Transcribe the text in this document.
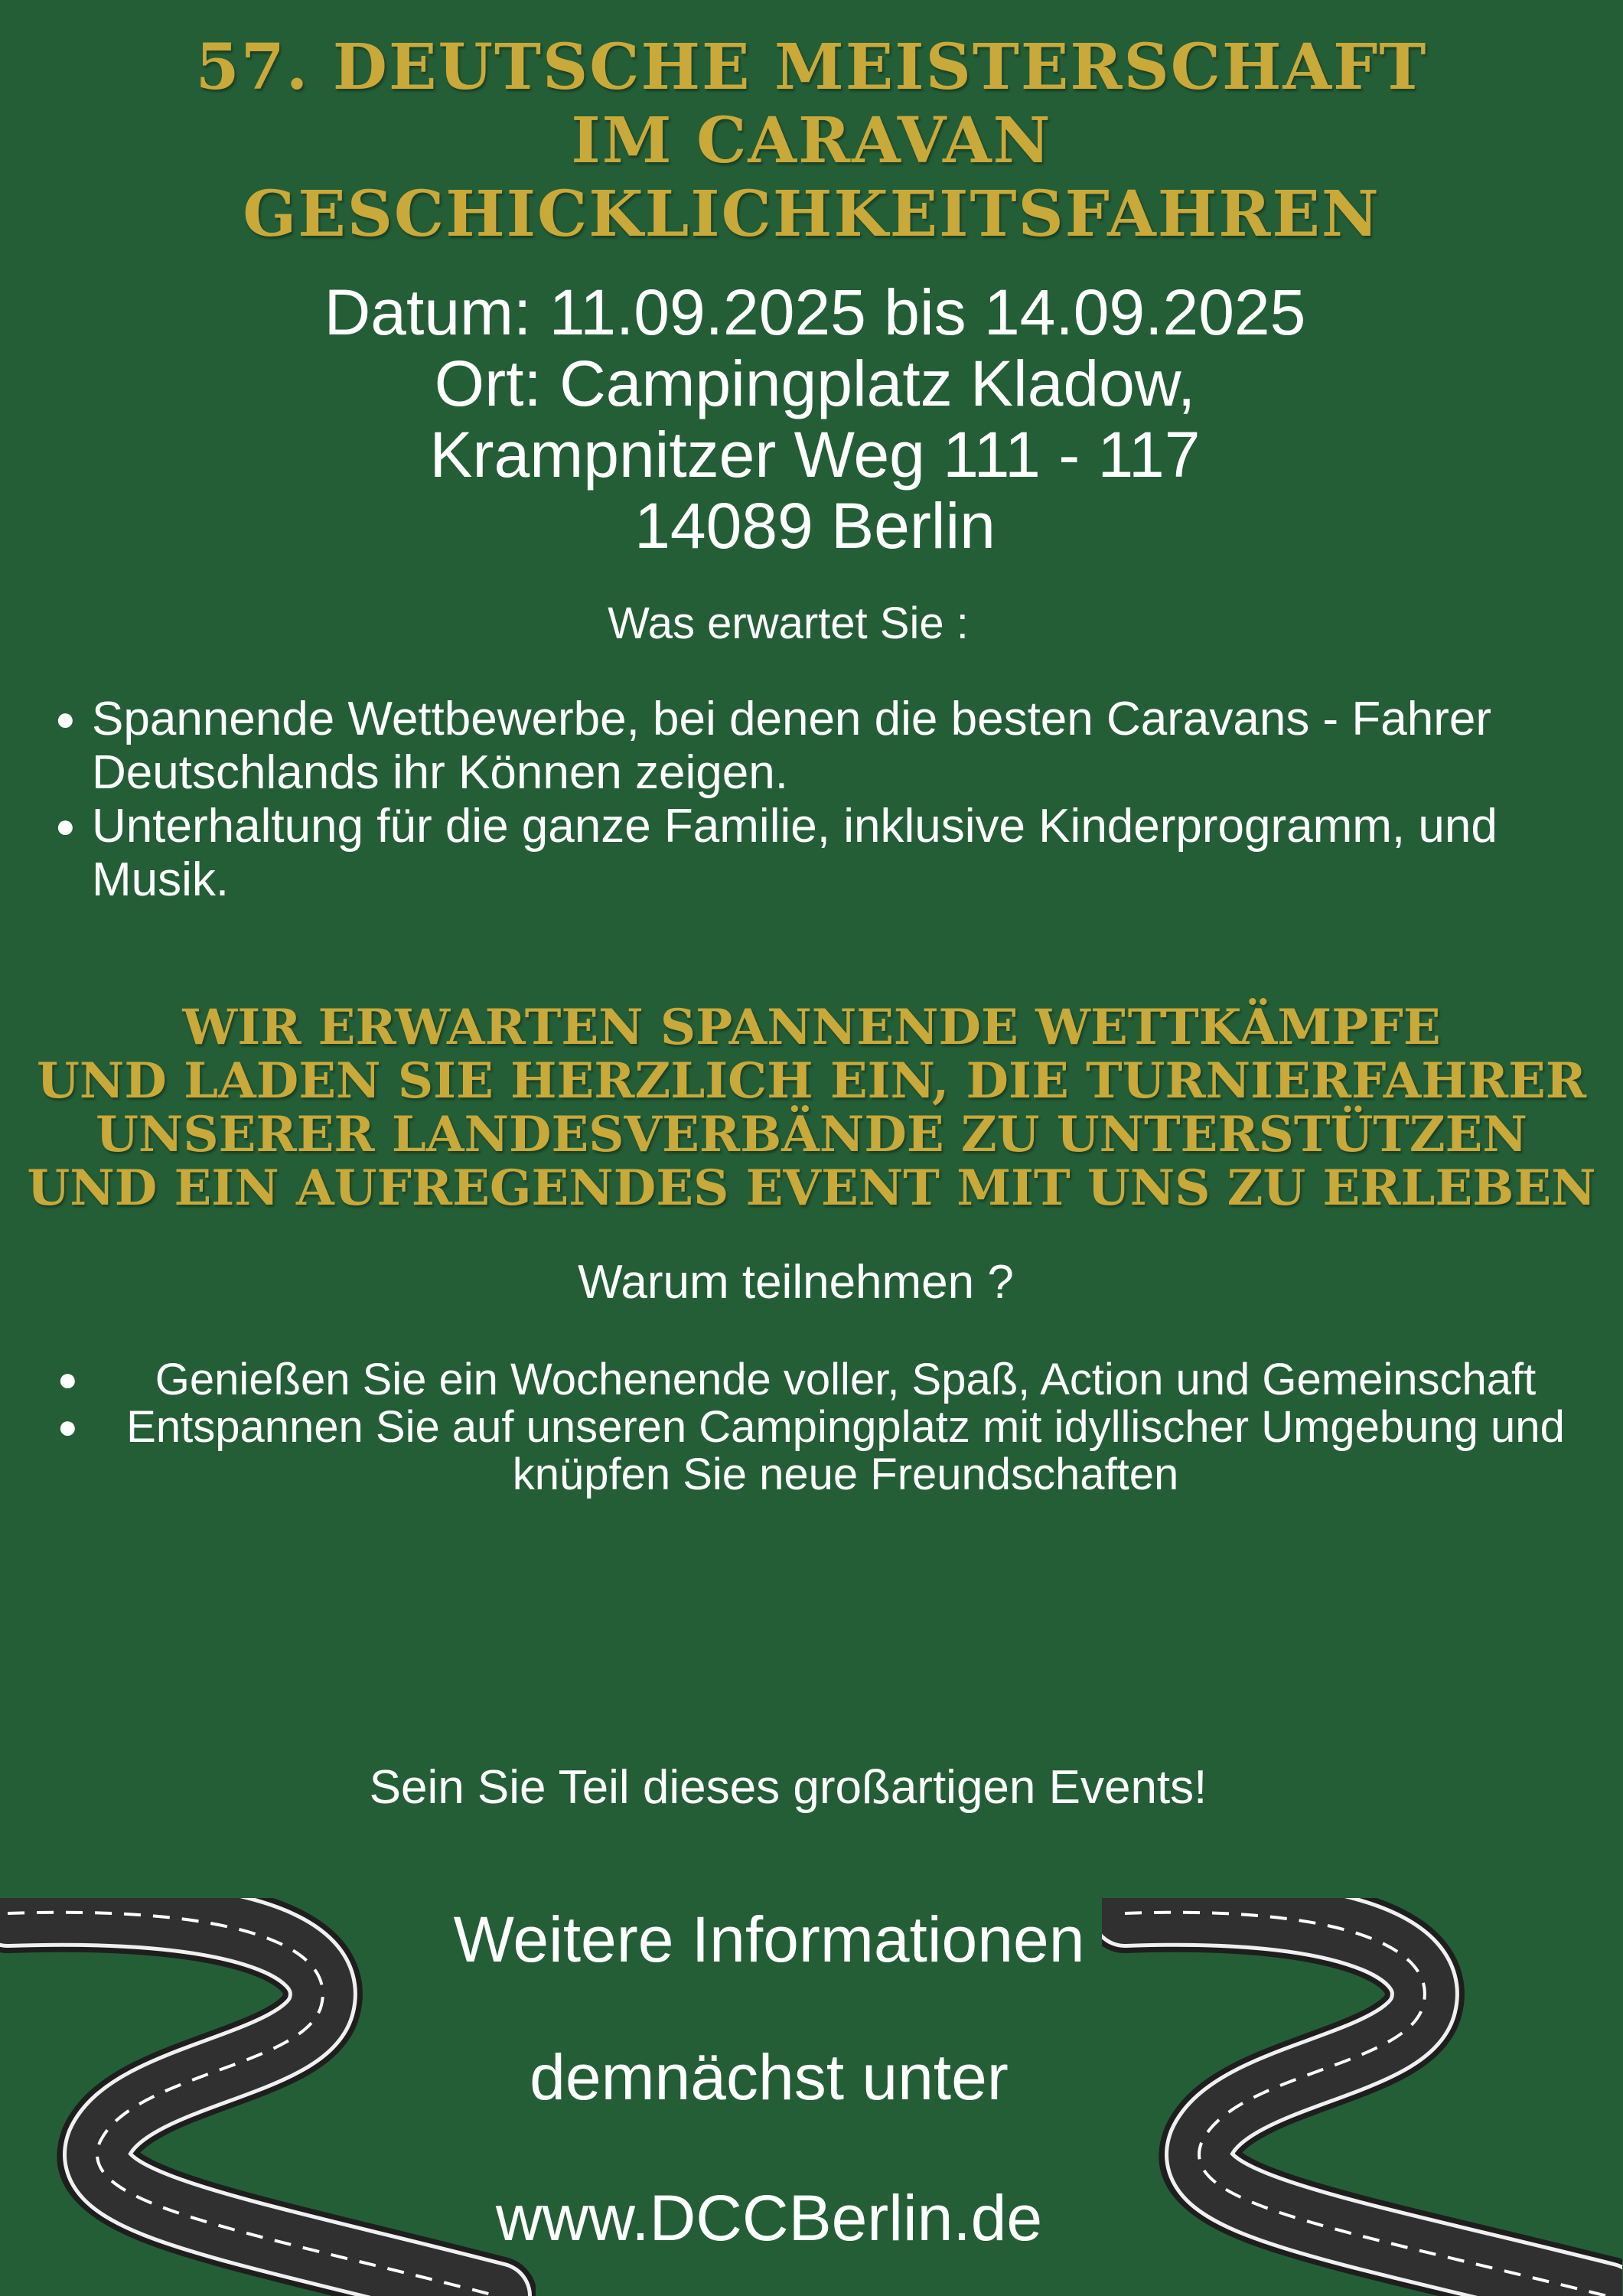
57. DEUTSCHE MEISTERSCHAFT
IM CARAVAN
GESCHICKLICHKEITSFAHREN
Datum: 11.09.2025 bis 14.09.2025
Ort: Campingplatz Kladow,
Krampnitzer Weg 111 - 117
14089 Berlin
Was erwartet Sie :
● Spannende Wettbewerbe, bei denen die besten Caravans - Fahrer Deutschlands ihr Können zeigen.
● Unterhaltung für die ganze Familie, inklusive Kinderprogramm, und Musik.
WIR ERWARTEN SPANNENDE WETTKÄMPFE
UND LADEN SIE HERZLICH EIN, DIE TURNIERFAHRER
UNSERER LANDESVERBÄNDE ZU UNTERSTÜTZEN
UND EIN AUFREGENDES EVENT MIT UNS ZU ERLEBEN
Warum teilnehmen ?
● Genießen Sie ein Wochenende voller, Spaß, Action und Gemeinschaft
● Entspannen Sie auf unseren Campingplatz mit idyllischer Umgebung und knüpfen Sie neue Freundschaften
Sein Sie Teil dieses großartigen Events!
Weitere Informationen
demnächst unter
www.DCCBerlin.de
